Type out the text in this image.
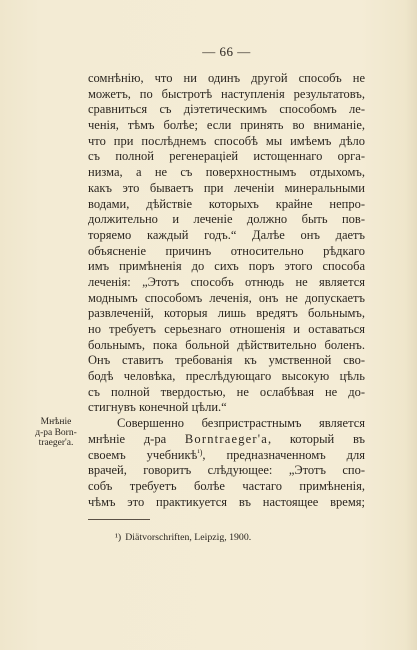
— 66 —
сомнѣнію, что ни одинъ другой способъ не
можетъ, по быстротѣ наступленія результатовъ,
сравниться съ діэтетическимъ способомъ ле-
ченія, тѣмъ болѣе; если принять во вниманіе,
что при послѣднемъ способѣ мы имѣемъ дѣло
съ полной регенераціей истощеннаго орга-
низма, а не съ поверхностнымъ отдыхомъ,
какъ это бываетъ при леченіи минеральными
водами, дѣйствіе которыхъ крайне непро-
должительно и леченіе должно быть пов-
торяемо каждый годъ.“ Далѣе онъ даетъ
объясненіе причинъ относительно рѣдкаго
имъ примѣненія до сихъ поръ этого способа
леченія: „Этотъ способъ отнюдь не является
моднымъ способомъ леченія, онъ не допускаетъ
развлеченій, которыя лишь вредятъ больнымъ,
но требуетъ серьезнаго отношенія и оставаться
больнымъ, пока больной дѣйствительно боленъ.
Онъ ставитъ требованія къ умственной сво-
бодѣ человѣка, преслѣдующаго высокую цѣль
съ полной твердостью, не ослабѣвая не до-
стигнувъ конечной цѣли.“
Совершенно безпристрастнымъ является
мнѣніе д-ра Borntraeger'a, который въ
своемъ учебникѣ$^{^1)}$, предназначенномъ для
врачей, говоритъ слѣдующее: „Этотъ спо-
собъ требуетъ болѣе частаго примѣненія,
чѣмъ это практикуется въ настоящее время;
Мнѣніе
д-ра Born-
traeger'a.
¹) Diätvorschriften, Leipzig, 1900.
